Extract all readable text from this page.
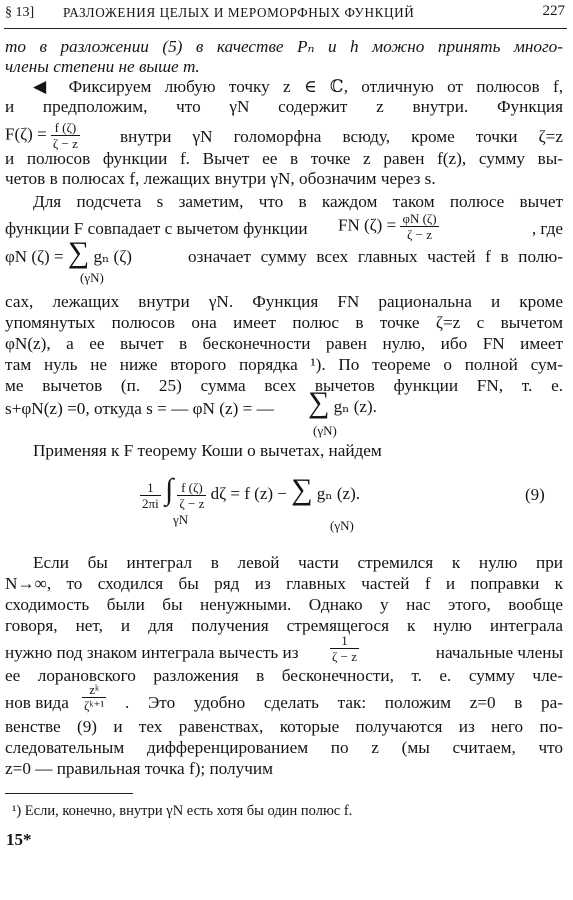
§ 13] РАЗЛОЖЕНИЯ ЦЕЛЫХ И МЕРОМОРФНЫХ ФУНКЦИЙ	227
то в разложении (5) в качестве Pₙ и h можно принять много-
члены степени не выше m.
◀ Фиксируем любую точку z ∈ ℂ, отличную от полюсов f,
и предположим, что γN содержит z внутри. Функция
$F(\zeta) = \frac{f (\zeta)}{\zeta - z}$ внутри γN голоморфна всюду, кроме точки ζ=z
и полюсов функции f. Вычет ее в точке z равен f(z), сумму вы-
четов в полюсах f, лежащих внутри γN, обозначим через s.
Для подсчета s заметим, что в каждом таком полюсе вычет
функции F совпадает с вычетом функции	FN $(\zeta) = \frac{\varphi N (\zeta)}{\zeta - z}$	, где
φN (ζ) = ∑ gₙ (ζ)
(γN)
означает сумму всех главных частей f в полю-
сах, лежащих внутри γN. Функция FN рациональна и кроме
упомянутых полюсов она имеет полюс в точке ζ=z с вычетом
φN(z), а ее вычет в бесконечности равен нулю, ибо FN имеет
там нуль не ниже второго порядка ¹). По теореме о полной сум-
ме вычетов (п. 25) сумма всех вычетов функции FN, т. е.
s+φN(z) =0, откуда s = — φN (z) = —	∑ gₙ (z).
(γN)
Применяя к F теорему Коши о вычетах, найдем
$\frac{1}{2\pi i}$ ∫ $\frac{f (\zeta)}{\zeta - z}$ dζ = f (z) − ∑ gₙ (z).
γN	(γN)
(9)
Если бы интеграл в левой части стремился к нулю при
N→∞, то сходился бы ряд из главных частей f и поправки к
сходимость были бы ненужными. Однако у нас этого, вообще
говоря, нет, и для получения стремящегося к нулю интеграла
нужно под знаком интеграла вычесть из	$\frac{1}{\zeta - z}$	начальные члены
ее лорановского разложения в бесконечности, т. е. сумму чле-
нов вида	$\frac{\text{zᵏ}}{\text{ζᵏ⁺¹}}$ . Это удобно сделать так: положим z=0 в ра-
венстве (9) и тех равенствах, которые получаются из него по-
следовательным дифференцированием по z (мы считаем, что
z=0 — правильная точка f); получим
¹) Если, конечно, внутри γN есть хотя бы один полюс f.
15*
